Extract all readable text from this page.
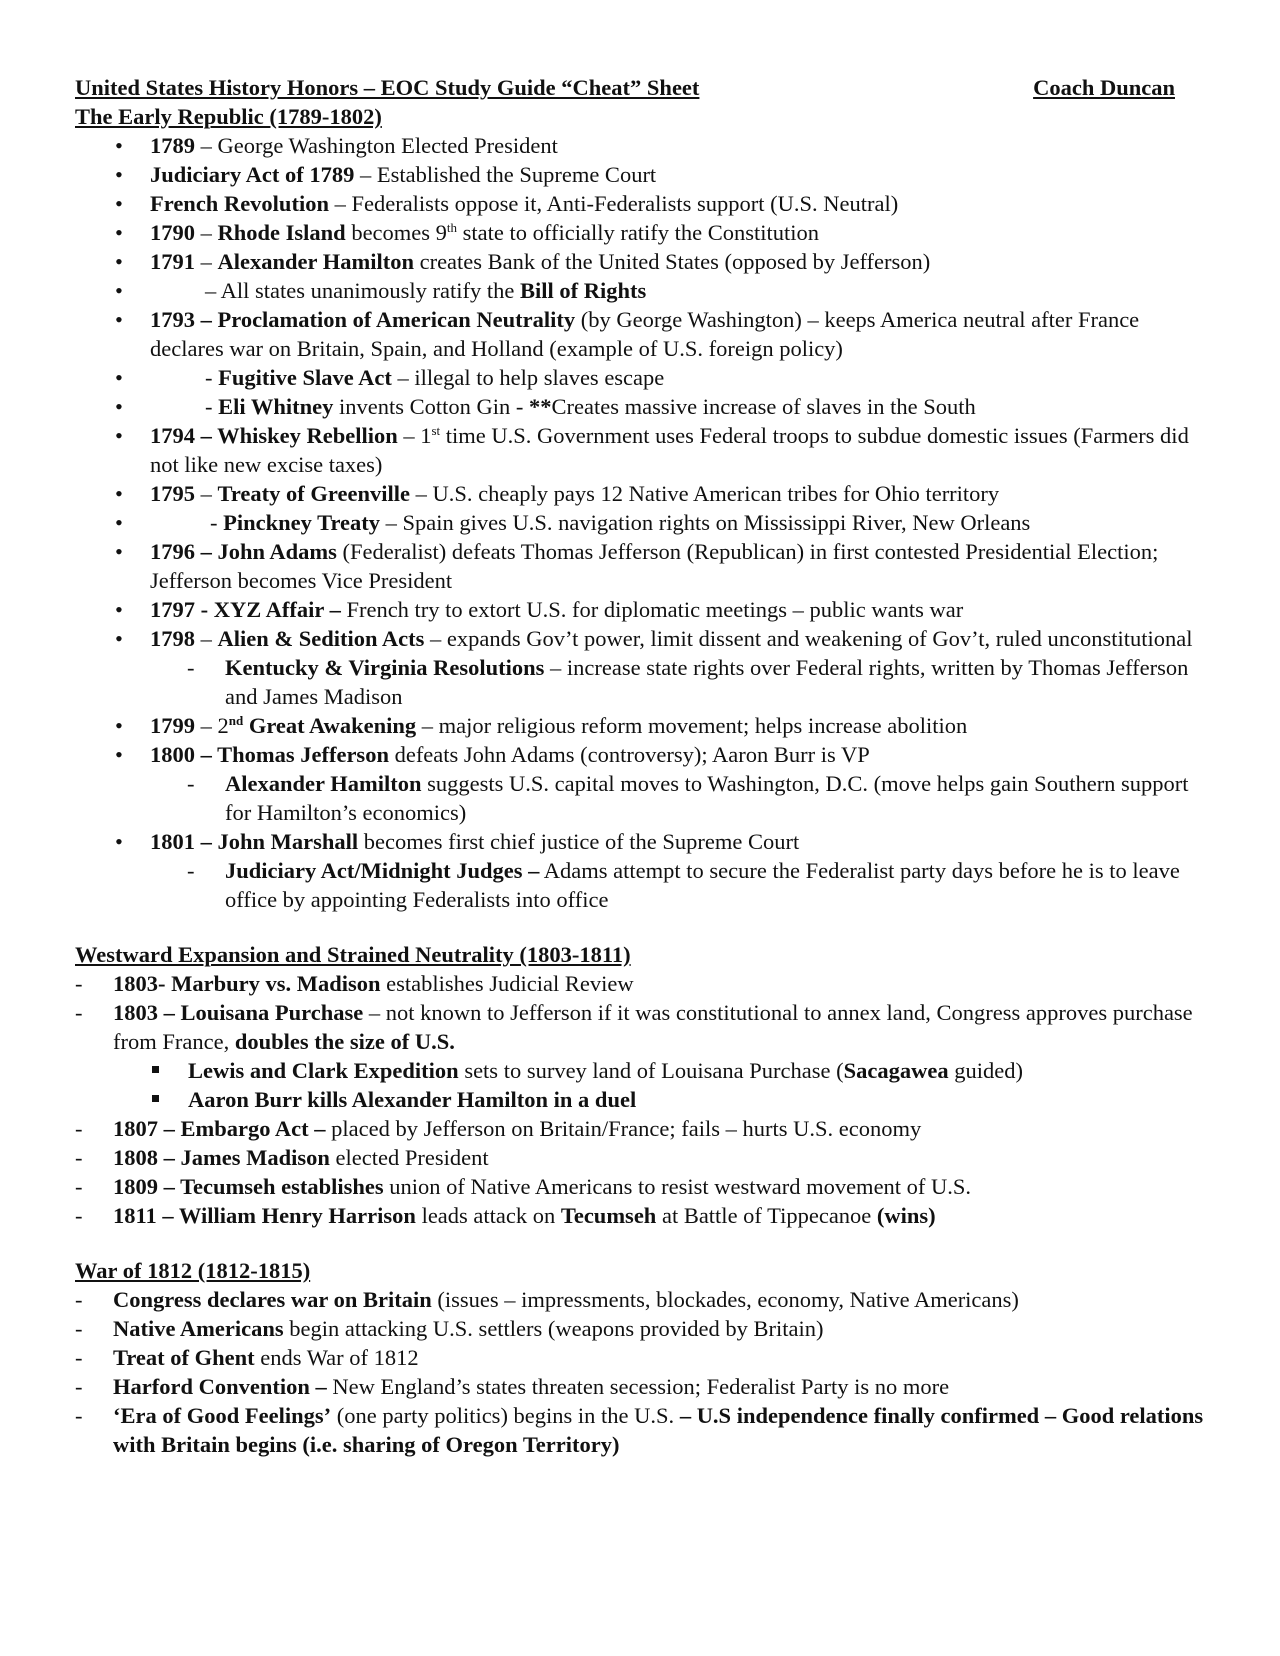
United States History Honors – EOC Study Guide “Cheat” Sheet	Coach Duncan
The Early Republic (1789-1802)
• 1789 – George Washington Elected President
• Judiciary Act of 1789 – Established the Supreme Court
• French Revolution – Federalists oppose it, Anti-Federalists support (U.S. Neutral)
• 1790 – Rhode Island becomes 9th state to officially ratify the Constitution
• 1791 – Alexander Hamilton creates Bank of the United States (opposed by Jefferson)
• – All states unanimously ratify the Bill of Rights
• 1793 – Proclamation of American Neutrality (by George Washington) – keeps America neutral after France declares war on Britain, Spain, and Holland (example of U.S. foreign policy)
• - Fugitive Slave Act – illegal to help slaves escape
• - Eli Whitney invents Cotton Gin - **Creates massive increase of slaves in the South
• 1794 – Whiskey Rebellion – 1st time U.S. Government uses Federal troops to subdue domestic issues (Farmers did not like new excise taxes)
• 1795 – Treaty of Greenville – U.S. cheaply pays 12 Native American tribes for Ohio territory
• - Pinckney Treaty – Spain gives U.S. navigation rights on Mississippi River, New Orleans
• 1796 – John Adams (Federalist) defeats Thomas Jefferson (Republican) in first contested Presidential Election; Jefferson becomes Vice President
• 1797 - XYZ Affair – French try to extort U.S. for diplomatic meetings – public wants war
• 1798 – Alien & Sedition Acts – expands Gov’t power, limit dissent and weakening of Gov’t, ruled unconstitutional
- Kentucky & Virginia Resolutions – increase state rights over Federal rights, written by Thomas Jefferson and James Madison
• 1799 – 2nd Great Awakening – major religious reform movement; helps increase abolition
• 1800 – Thomas Jefferson defeats John Adams (controversy); Aaron Burr is VP
- Alexander Hamilton suggests U.S. capital moves to Washington, D.C. (move helps gain Southern support for Hamilton’s economics)
• 1801 – John Marshall becomes first chief justice of the Supreme Court
- Judiciary Act/Midnight Judges – Adams attempt to secure the Federalist party days before he is to leave office by appointing Federalists into office
Westward Expansion and Strained Neutrality (1803-1811)
- 1803- Marbury vs. Madison establishes Judicial Review
- 1803 – Louisana Purchase – not known to Jefferson if it was constitutional to annex land, Congress approves purchase from France, doubles the size of U.S.
Lewis and Clark Expedition sets to survey land of Louisana Purchase (Sacagawea guided)
Aaron Burr kills Alexander Hamilton in a duel
- 1807 – Embargo Act – placed by Jefferson on Britain/France; fails – hurts U.S. economy
- 1808 – James Madison elected President
- 1809 – Tecumseh establishes union of Native Americans to resist westward movement of U.S.
- 1811 – William Henry Harrison leads attack on Tecumseh at Battle of Tippecanoe (wins)
War of 1812 (1812-1815)
- Congress declares war on Britain (issues – impressments, blockades, economy, Native Americans)
- Native Americans begin attacking U.S. settlers (weapons provided by Britain)
- Treat of Ghent ends War of 1812
- Harford Convention – New England’s states threaten secession; Federalist Party is no more
- ‘Era of Good Feelings’ (one party politics) begins in the U.S. – U.S independence finally confirmed – Good relations with Britain begins (i.e. sharing of Oregon Territory)
